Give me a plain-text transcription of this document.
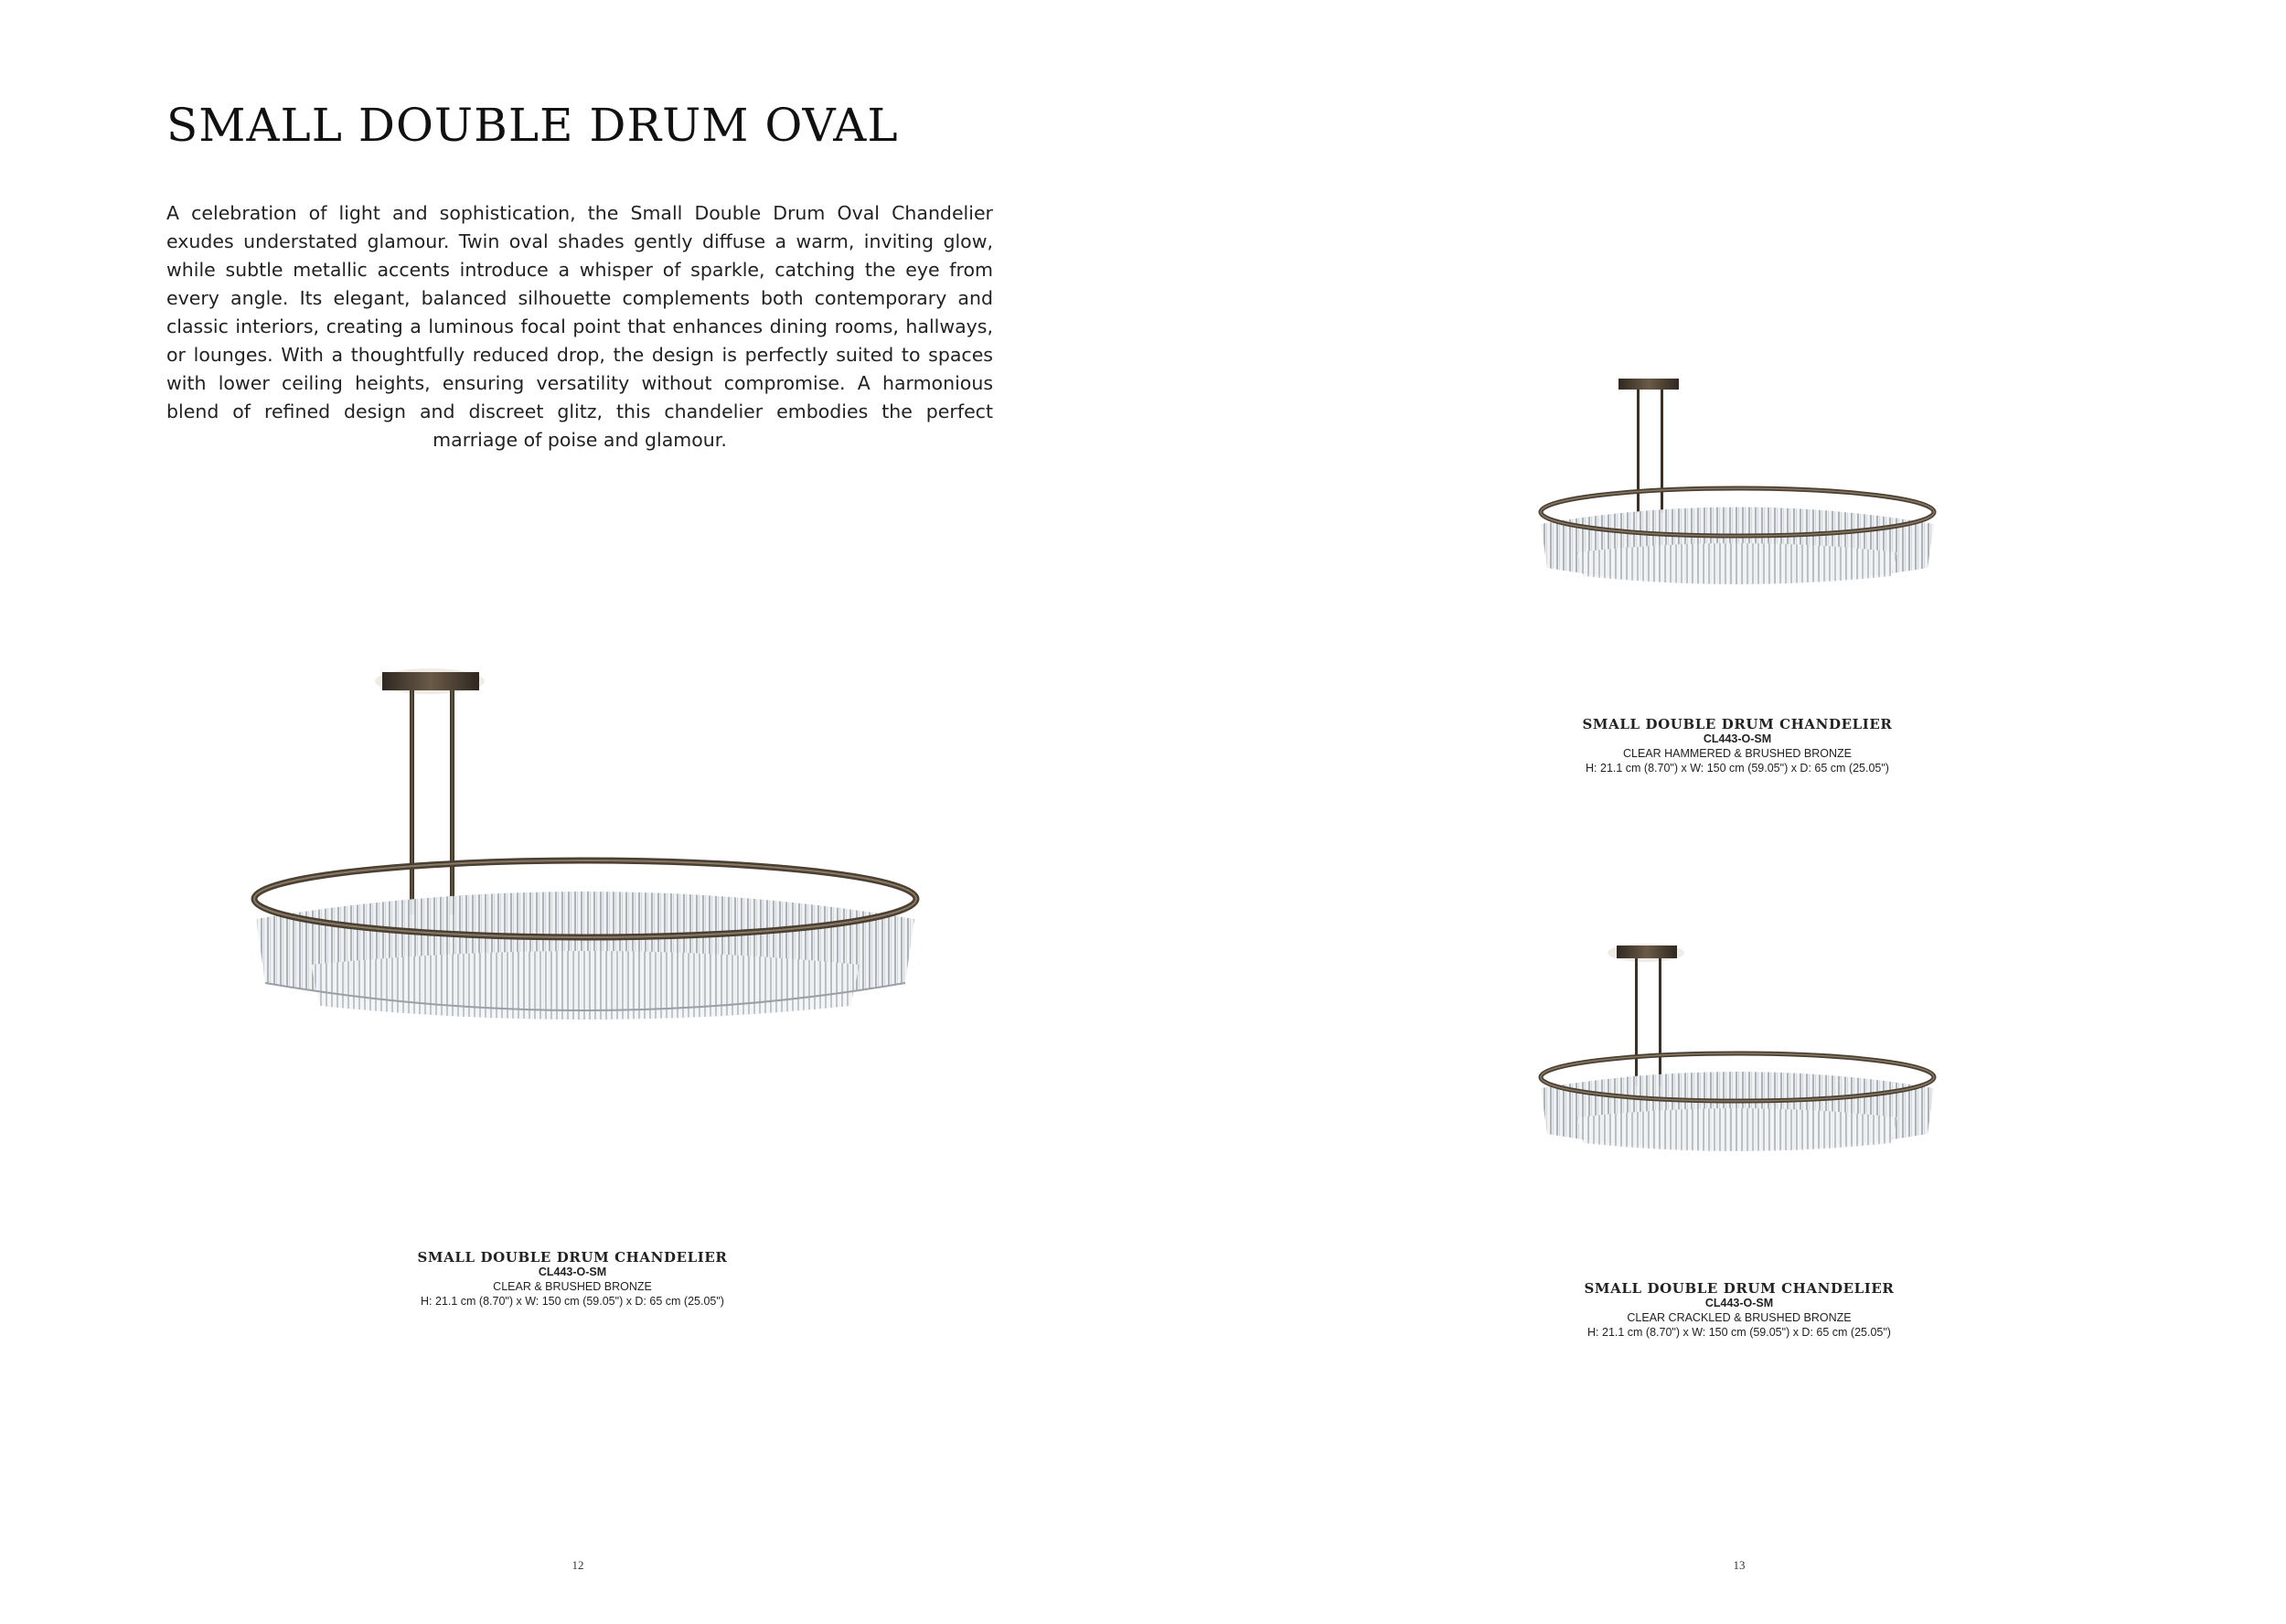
SMALL DOUBLE DRUM OVAL

A celebration of light and sophistication, the Small Double Drum Oval Chandelier exudes understated glamour. Twin oval shades gently diffuse a warm, inviting glow, while subtle metallic accents introduce a whisper of sparkle, catching the eye from every angle. Its elegant, balanced silhouette complements both contemporary and classic interiors, creating a luminous focal point that enhances dining rooms, hallways, or lounges. With a thoughtfully reduced drop, the design is perfectly suited to spaces with lower ceiling heights, ensuring versatility without compromise. A harmonious blend of refined design and discreet glitz, this chandelier embodies the perfect marriage of poise and glamour.

SMALL DOUBLE DRUM CHANDELIER
CL443-O-SM
CLEAR & BRUSHED BRONZE
H: 21.1 cm (8.70") x W: 150 cm (59.05") x D: 65 cm (25.05")
12
SMALL DOUBLE DRUM CHANDELIER
CL443-O-SM
CLEAR HAMMERED & BRUSHED BRONZE
H: 21.1 cm (8.70") x W: 150 cm (59.05") x D: 65 cm (25.05")
SMALL DOUBLE DRUM CHANDELIER
CL443-O-SM
CLEAR CRACKLED & BRUSHED BRONZE
H: 21.1 cm (8.70") x W: 150 cm (59.05") x D: 65 cm (25.05")
13
